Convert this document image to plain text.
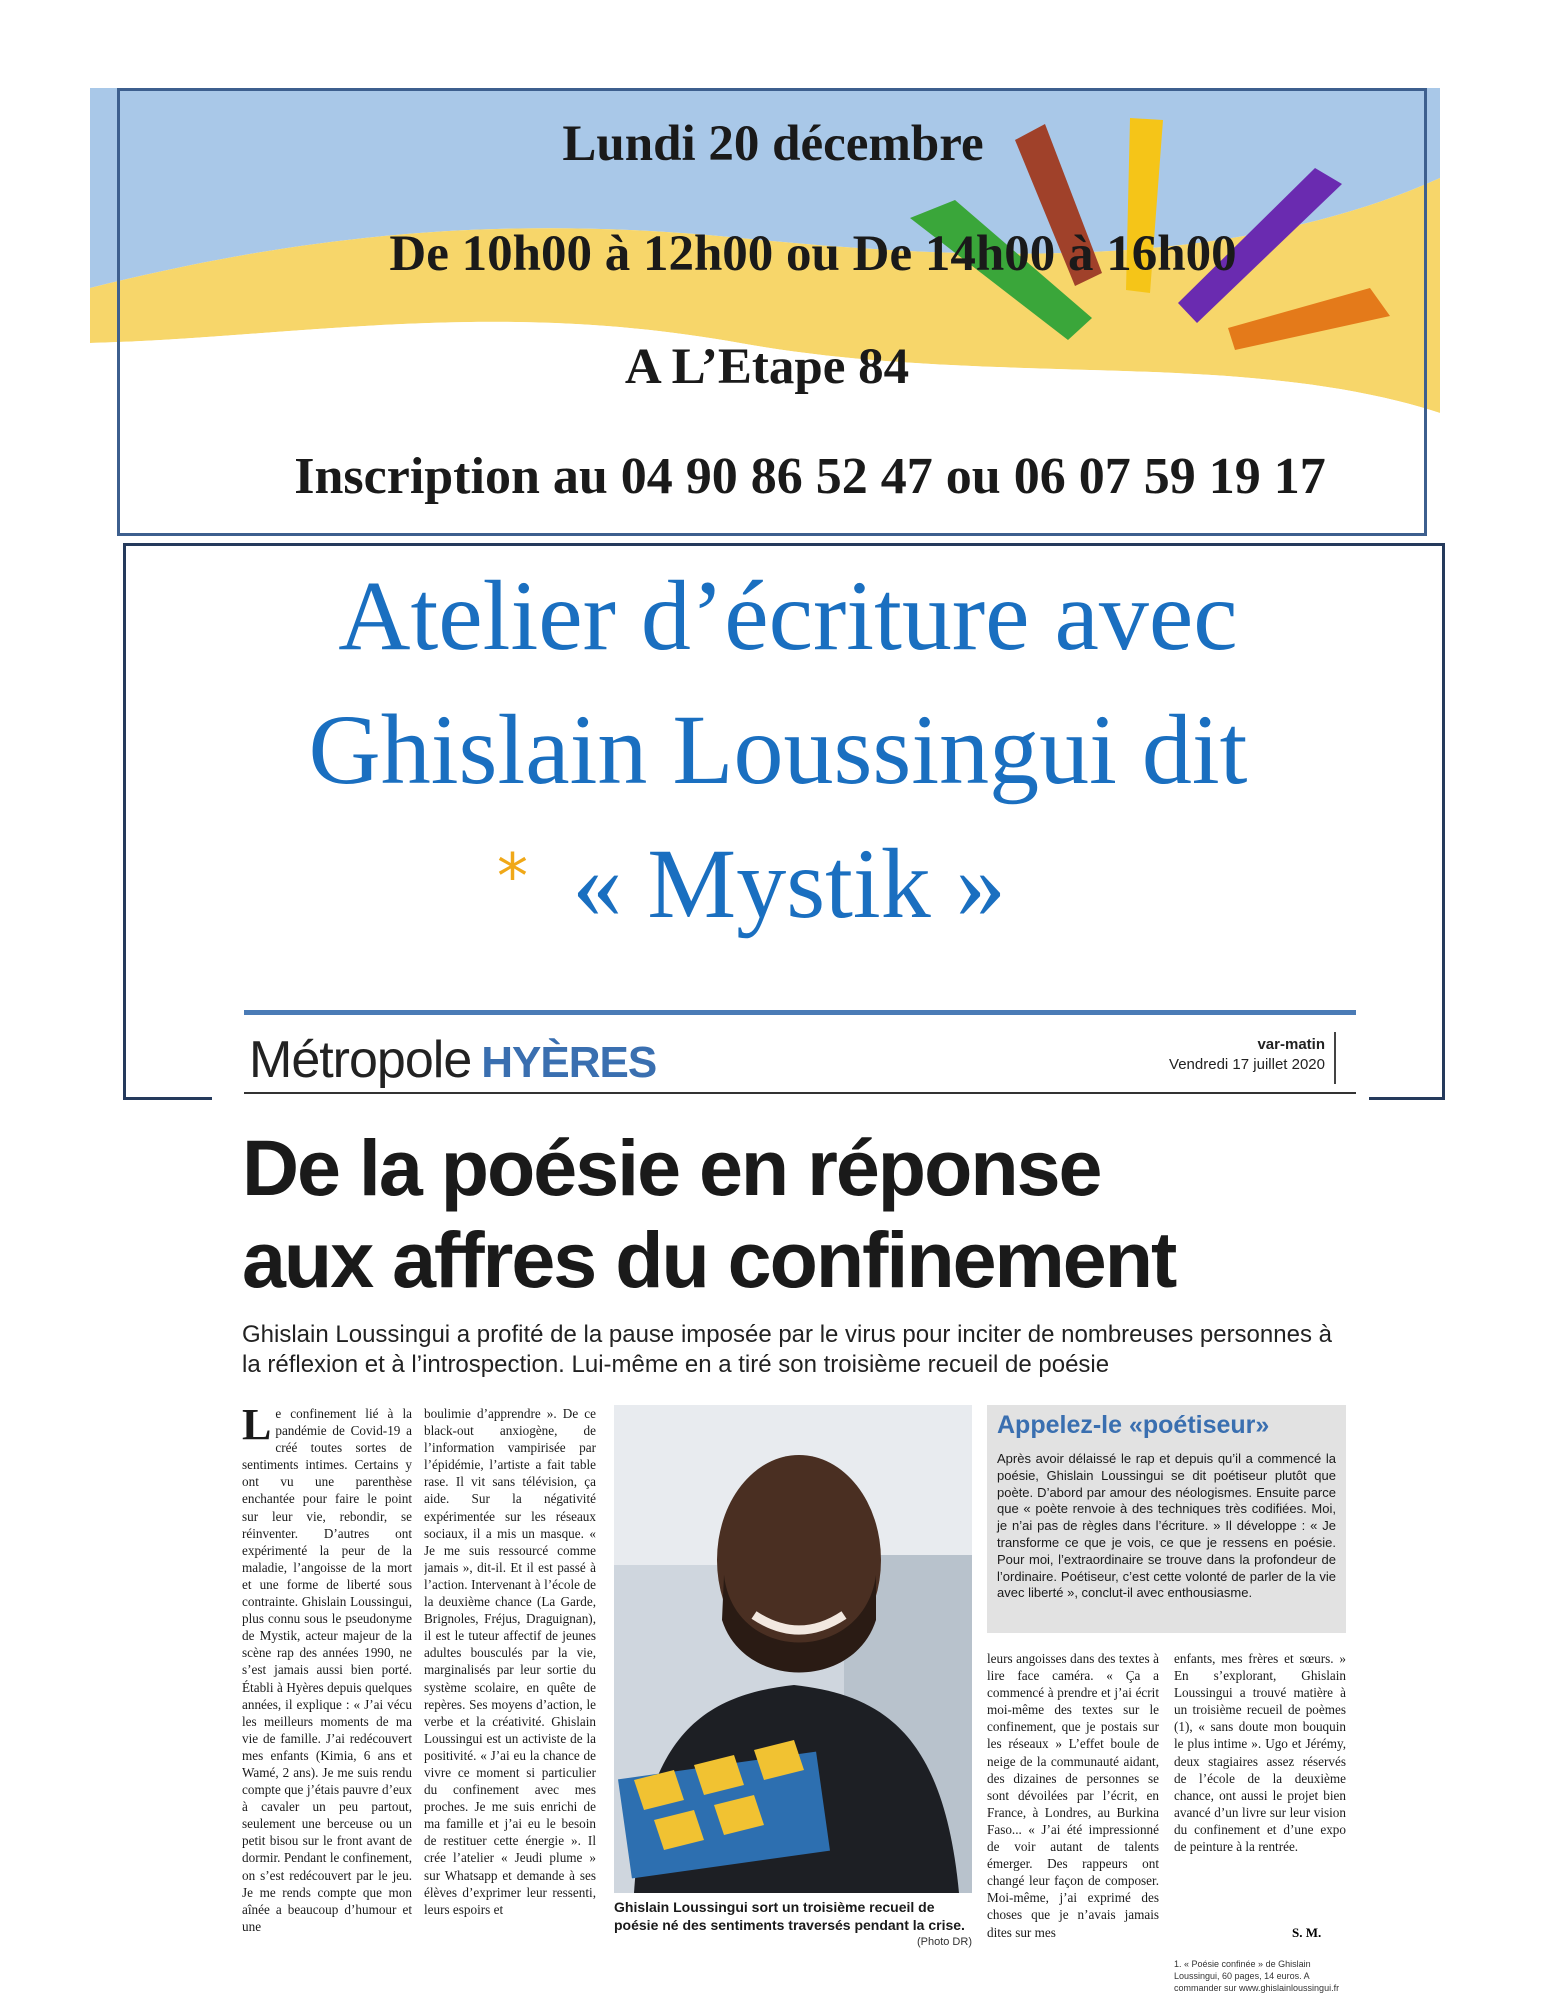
Lundi 20 décembre
De 10h00 à 12h00 ou De 14h00 à 16h00
A L’Etape 84
Inscription au 04 90 86 52 47 ou 06 07 59 19 17
Atelier d’écriture avec
Ghislain Loussingui dit
« Mystik »
*
Métropole HYÈRES	var-matin
Vendredi 17 juillet 2020
De la poésie en réponse
aux affres du confinement
Ghislain Loussingui a profité de la pause imposée par le virus pour inciter de nombreuses personnes à la réflexion et à l’introspection. Lui-même en a tiré son troisième recueil de poésie
Le confinement lié à la pandémie de Covid-19 a créé toutes sortes de sentiments intimes. Certains y ont vu une parenthèse enchantée pour faire le point sur leur vie, rebondir, se réinventer. D’autres ont expérimenté la peur de la maladie, l’angoisse de la mort et une forme de liberté sous contrainte. Ghislain Loussingui, plus connu sous le pseudonyme de Mystik, acteur majeur de la scène rap des années 1990, ne s’est jamais aussi bien porté. Établi à Hyères depuis quelques années, il explique : « J’ai vécu les meilleurs moments de ma vie de famille. J’ai redécouvert mes enfants (Kimia, 6 ans et Wamé, 2 ans). Je me suis rendu compte que j’étais pauvre d’eux à cavaler un peu partout, seulement une berceuse ou un petit bisou sur le front avant de dormir. Pendant le confinement, on s’est redécouvert par le jeu. Je me rends compte que mon aînée a beaucoup d’humour et une
boulimie d’apprendre ». De ce black-out anxiogène, de l’information vampirisée par l’épidémie, l’artiste a fait table rase. Il vit sans télévision, ça aide. Sur la négativité expérimentée sur les réseaux sociaux, il a mis un masque. « Je me suis ressourcé comme jamais », dit-il. Et il est passé à l’action. Intervenant à l’école de la deuxième chance (La Garde, Brignoles, Fréjus, Draguignan), il est le tuteur affectif de jeunes adultes bousculés par la vie, marginalisés par leur sortie du système scolaire, en quête de repères. Ses moyens d’action, le verbe et la créativité. Ghislain Loussingui est un activiste de la positivité. « J’ai eu la chance de vivre ce moment si particulier du confinement avec mes proches. Je me suis enrichi de ma famille et j’ai eu le besoin de restituer cette énergie ». Il crée l’atelier « Jeudi plume » sur Whatsapp et demande à ses élèves d’exprimer leur ressenti, leurs espoirs et	Ghislain Loussingui sort un troisième recueil de poésie né des sentiments traversés pendant la crise.
(Photo DR)
Appelez-le «poétiseur»
Après avoir délaissé le rap et depuis qu’il a commencé la poésie, Ghislain Loussingui se dit poétiseur plutôt que poète. D’abord par amour des néologismes. Ensuite parce que « poète renvoie à des techniques très codifiées. Moi, je n’ai pas de règles dans l’écriture. » Il développe : « Je transforme ce que je vois, ce que je ressens en poésie. Pour moi, l’extraordinaire se trouve dans la profondeur de l’ordinaire. Poétiseur, c’est cette volonté de parler de la vie avec liberté », conclut-il avec enthousiasme.
leurs angoisses dans des textes à lire face caméra. « Ça a commencé à prendre et j’ai écrit moi-même des textes sur le confinement, que je postais sur les réseaux » L’effet boule de neige de la communauté aidant, des dizaines de personnes se sont dévoilées par l’écrit, en France, à Londres, au Burkina Faso... « J’ai été impressionné de voir autant de talents émerger. Des rappeurs ont changé leur façon de composer. Moi-même, j’ai exprimé des choses que je n’avais jamais dites sur mes
enfants, mes frères et sœurs. » En s’explorant, Ghislain Loussingui a trouvé matière à un troisième recueil de poèmes (1), « sans doute mon bouquin le plus intime ». Ugo et Jérémy, deux stagiaires assez réservés de l’école de la deuxième chance, ont aussi le projet bien avancé d’un livre sur leur vision du confinement et d’une expo de peinture à la rentrée.
S. M.
1. « Poésie confinée » de Ghislain Loussingui, 60 pages, 14 euros. A commander sur www.ghislainloussingui.fr
